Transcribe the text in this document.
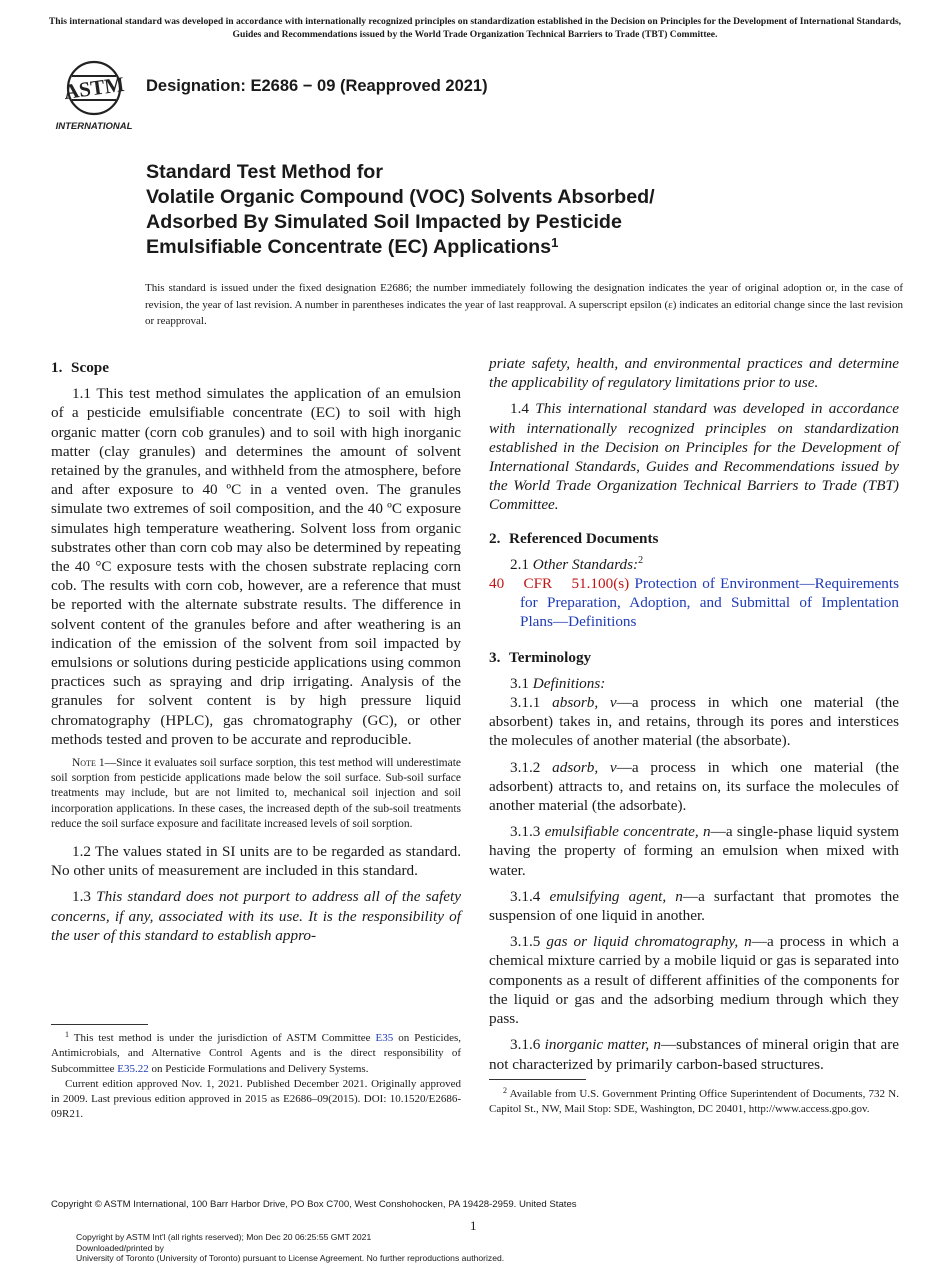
This international standard was developed in accordance with internationally recognized principles on standardization established in the Decision on Principles for the Development of International Standards, Guides and Recommendations issued by the World Trade Organization Technical Barriers to Trade (TBT) Committee.
ASTM
INTERNATIONAL
Designation: E2686 − 09 (Reapproved 2021)
Standard Test Method for
Volatile Organic Compound (VOC) Solvents Absorbed/
Adsorbed By Simulated Soil Impacted by Pesticide
Emulsifiable Concentrate (EC) Applications$^1$
This standard is issued under the fixed designation E2686; the number immediately following the designation indicates the year of original adoption or, in the case of revision, the year of last revision. A number in parentheses indicates the year of last reapproval. A superscript epsilon (ε) indicates an editorial change since the last revision or reapproval.
1. Scope

1.1 This test method simulates the application of an emulsion of a pesticide emulsifiable concentrate (EC) to soil with high organic matter (corn cob granules) and to soil with high inorganic matter (clay granules) and determines the amount of solvent retained by the granules, and withheld from the atmosphere, before and after exposure to 40 ºC in a vented oven. The granules simulate two extremes of soil composition, and the 40 ºC exposure simulates high temperature weathering. Solvent loss from organic substrates other than corn cob may also be determined by repeating the 40 °C exposure tests with the chosen substrate replacing corn cob. The results with corn cob, however, are a reference that must be reported with the alternate substrate results. The difference in solvent content of the granules before and after weathering is an indication of the emission of the solvent from soil impacted by emulsions or solutions during pesticide applications using common practices such as spraying and drip irrigating. Analysis of the granules for solvent content is by high pressure liquid chromatography (HPLC), gas chromatography (GC), or other methods tested and proven to be accurate and reproducible.

Note 1—Since it evaluates soil surface sorption, this test method will underestimate soil sorption from pesticide applications made below the soil surface. Sub-soil surface treatments may include, but are not limited to, mechanical soil injection and soil incorporation applications. In these cases, the increased depth of the sub-soil treatments reduce the soil surface exposure and facilitate increased levels of soil sorption.

1.2 The values stated in SI units are to be regarded as standard. No other units of measurement are included in this standard.

1.3 This standard does not purport to address all of the safety concerns, if any, associated with its use. It is the responsibility of the user of this standard to establish appro-

$^1$ This test method is under the jurisdiction of ASTM Committee E35 on Pesticides, Antimicrobials, and Alternative Control Agents and is the direct responsibility of Subcommittee E35.22 on Pesticide Formulations and Delivery Systems.

Current edition approved Nov. 1, 2021. Published December 2021. Originally approved in 2009. Last previous edition approved in 2015 as E2686–09(2015). DOI: 10.1520/E2686-09R21.

priate safety, health, and environmental practices and determine the applicability of regulatory limitations prior to use.

1.4 This international standard was developed in accordance with internationally recognized principles on standardization established in the Decision on Principles for the Development of International Standards, Guides and Recommendations issued by the World Trade Organization Technical Barriers to Trade (TBT) Committee.

2. Referenced Documents

2.1 Other Standards:$^2$

40 CFR 51.100(s) Protection of Environment—Requirements for Preparation, Adoption, and Submittal of Implentation Plans—Definitions

3. Terminology

3.1 Definitions:

3.1.1 absorb, v—a process in which one material (the absorbent) takes in, and retains, through its pores and interstices the molecules of another material (the absorbate).

3.1.2 adsorb, v—a process in which one material (the adsorbent) attracts to, and retains on, its surface the molecules of another material (the adsorbate).

3.1.3 emulsifiable concentrate, n—a single-phase liquid system having the property of forming an emulsion when mixed with water.

3.1.4 emulsifying agent, n—a surfactant that promotes the suspension of one liquid in another.

3.1.5 gas or liquid chromatography, n—a process in which a chemical mixture carried by a mobile liquid or gas is separated into components as a result of different affinities of the components for the liquid or gas and the adsorbing medium through which they pass.

3.1.6 inorganic matter, n—substances of mineral origin that are not characterized by primarily carbon-based structures.

$^2$ Available from U.S. Government Printing Office Superintendent of Documents, 732 N. Capitol St., NW, Mail Stop: SDE, Washington, DC 20401, http://www.access.gpo.gov.

Copyright © ASTM International, 100 Barr Harbor Drive, PO Box C700, West Conshohocken, PA 19428-2959. United States
1
Copyright by ASTM Int'l (all rights reserved); Mon Dec 20 06:25:55 GMT 2021
Downloaded/printed by
University of Toronto (University of Toronto) pursuant to License Agreement. No further reproductions authorized.
